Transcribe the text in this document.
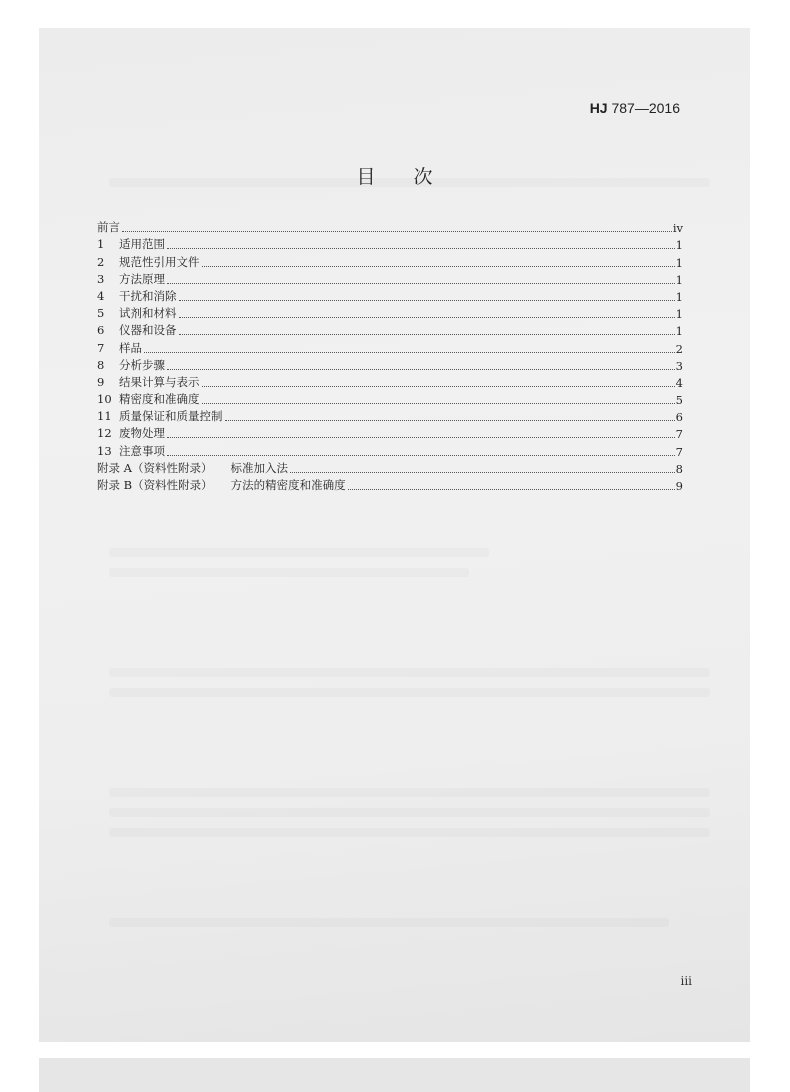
HJ 787—2016
目次
前言	iv
1 适用范围	1
2 规范性引用文件	1
3 方法原理	1
4 干扰和消除	1
5 试剂和材料	1
6 仪器和设备	1
7 样品	2
8 分析步骤	3
9 结果计算与表示	4
10 精密度和准确度	5
11 质量保证和质量控制	6
12 废物处理	7
13 注意事项	7
附录 A（资料性附录） 标准加入法	8
附录 B（资料性附录） 方法的精密度和准确度	9
iii
